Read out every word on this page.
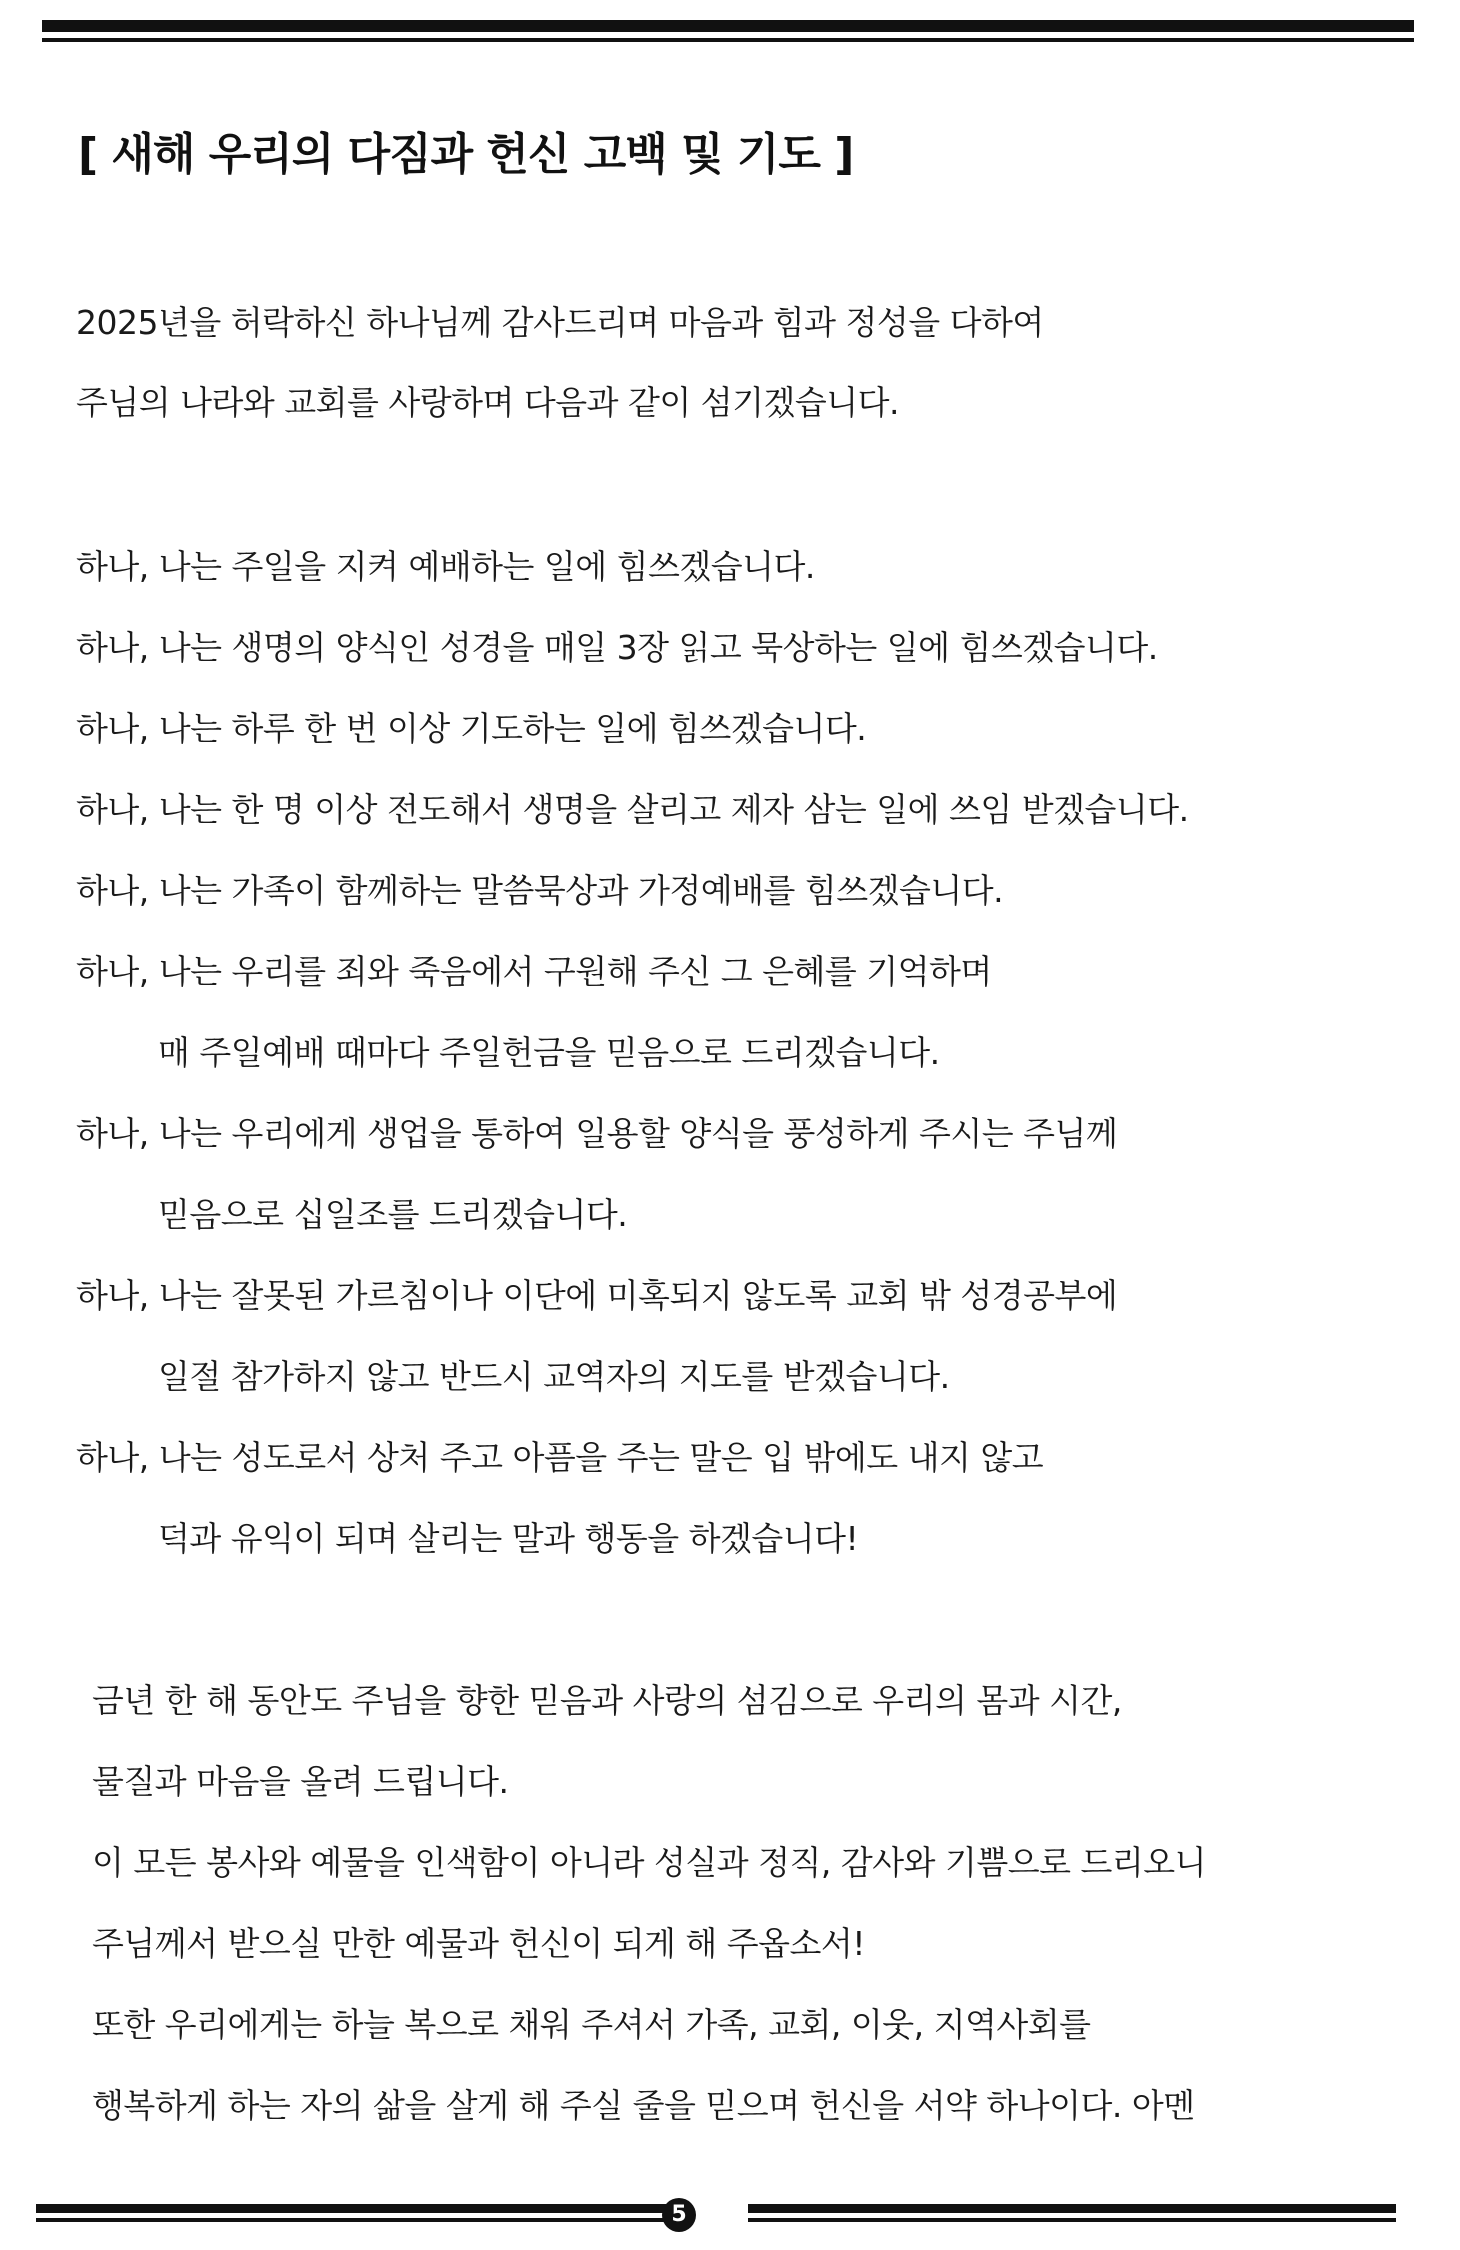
[ 새해 우리의 다짐과 헌신 고백 및 기도 ]
2025년을 허락하신 하나님께 감사드리며 마음과 힘과 정성을 다하여
주님의 나라와 교회를 사랑하며 다음과 같이 섬기겠습니다.
하나, 나는 주일을 지켜 예배하는 일에 힘쓰겠습니다.
하나, 나는 생명의 양식인 성경을 매일 3장 읽고 묵상하는 일에 힘쓰겠습니다.
하나, 나는 하루 한 번 이상 기도하는 일에 힘쓰겠습니다.
하나, 나는 한 명 이상 전도해서 생명을 살리고 제자 삼는 일에 쓰임 받겠습니다.
하나, 나는 가족이 함께하는 말씀묵상과 가정예배를 힘쓰겠습니다.
하나, 나는 우리를 죄와 죽음에서 구원해 주신 그 은혜를 기억하며
매 주일예배 때마다 주일헌금을 믿음으로 드리겠습니다.
하나, 나는 우리에게 생업을 통하여 일용할 양식을 풍성하게 주시는 주님께
믿음으로 십일조를 드리겠습니다.
하나, 나는 잘못된 가르침이나 이단에 미혹되지 않도록 교회 밖 성경공부에
일절 참가하지 않고 반드시 교역자의 지도를 받겠습니다.
하나, 나는 성도로서 상처 주고 아픔을 주는 말은 입 밖에도 내지 않고
덕과 유익이 되며 살리는 말과 행동을 하겠습니다!
금년 한 해 동안도 주님을 향한 믿음과 사랑의 섬김으로 우리의 몸과 시간,
물질과 마음을 올려 드립니다.
이 모든 봉사와 예물을 인색함이 아니라 성실과 정직, 감사와 기쁨으로 드리오니
주님께서 받으실 만한 예물과 헌신이 되게 해 주옵소서!
또한 우리에게는 하늘 복으로 채워 주셔서 가족, 교회, 이웃, 지역사회를
행복하게 하는 자의 삶을 살게 해 주실 줄을 믿으며 헌신을 서약 하나이다. 아멘
5
